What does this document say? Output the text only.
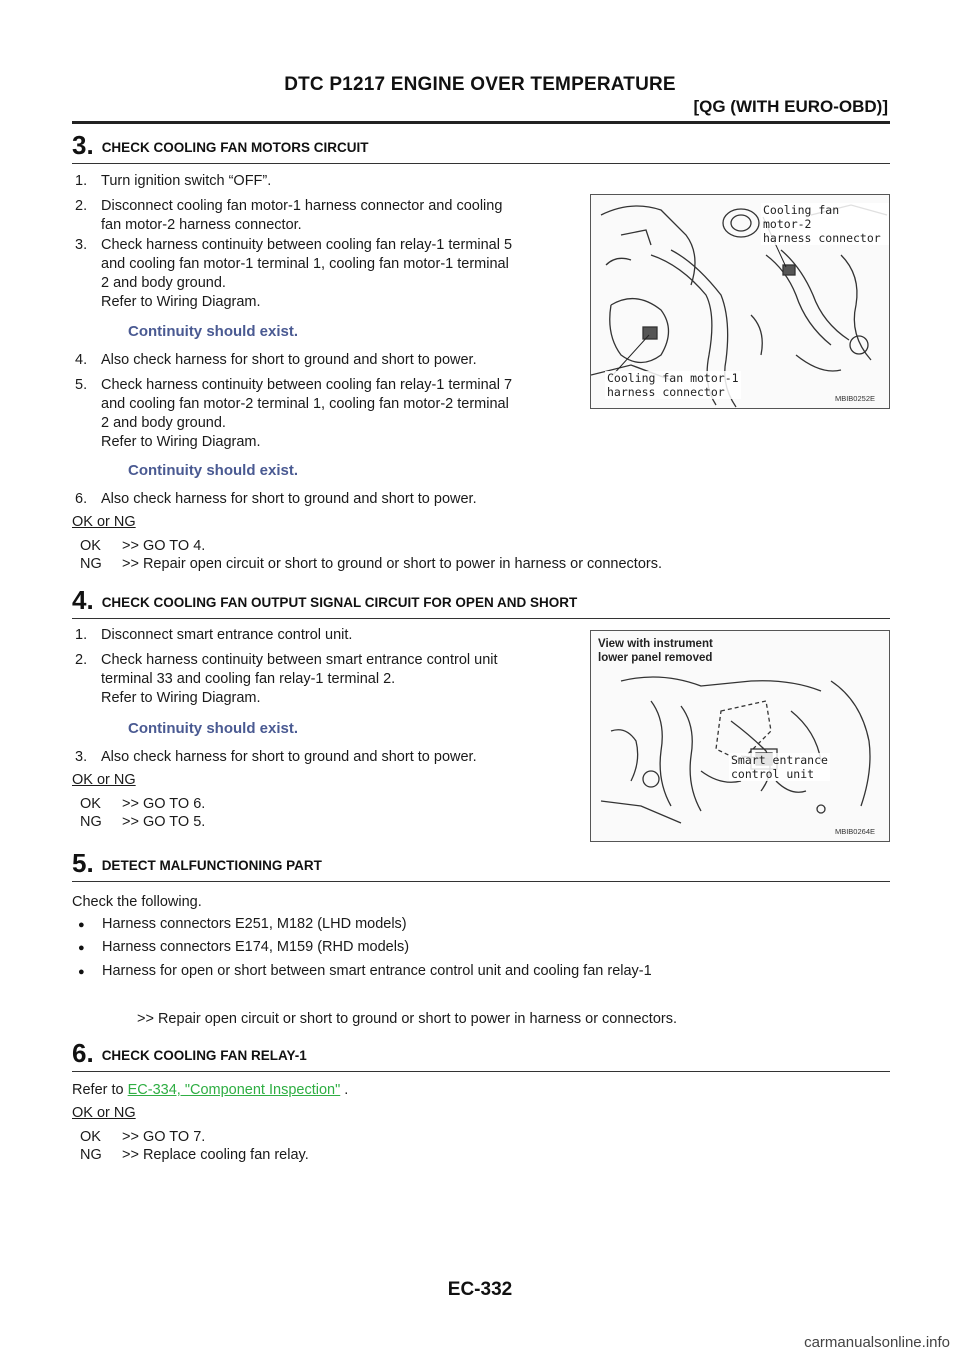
DTC P1217 ENGINE OVER TEMPERATURE
[QG (WITH EURO-OBD)]
3. CHECK COOLING FAN MOTORS CIRCUIT
1. Turn ignition switch “OFF”.
2. Disconnect cooling fan motor-1 harness connector and cooling
fan motor-2 harness connector.
3. Check harness continuity between cooling fan relay-1 terminal 5
and cooling fan motor-1 terminal 1, cooling fan motor-1 terminal
2 and body ground.
Refer to Wiring Diagram.
Continuity should exist.
4. Also check harness for short to ground and short to power.
5. Check harness continuity between cooling fan relay-1 terminal 7
and cooling fan motor-2 terminal 1, cooling fan motor-2 terminal
2 and body ground.
Refer to Wiring Diagram.
Continuity should exist.
6. Also check harness for short to ground and short to power.
OK or NG
OK >> GO TO 4.
NG >> Repair open circuit or short to ground or short to power in harness or connectors.
Cooling fan motor-2
harness connector
Cooling fan motor-1
harness connector	MBIB0252E
4. CHECK COOLING FAN OUTPUT SIGNAL CIRCUIT FOR OPEN AND SHORT
1. Disconnect smart entrance control unit.
2. Check harness continuity between smart entrance control unit
terminal 33 and cooling fan relay-1 terminal 2.
Refer to Wiring Diagram.
Continuity should exist.
3. Also check harness for short to ground and short to power.
OK or NG
OK >> GO TO 6.
NG >> GO TO 5.
View with instrument
lower panel removed
Smart entrance
control unit
MBIB0264E
5. DETECT MALFUNCTIONING PART
Check the following.
● Harness connectors E251, M182 (LHD models)
● Harness connectors E174, M159 (RHD models)
● Harness for open or short between smart entrance control unit and cooling fan relay-1
>> Repair open circuit or short to ground or short to power in harness or connectors.
6. CHECK COOLING FAN RELAY-1
Refer to EC-334, "Component Inspection" .
OK or NG
OK >> GO TO 7.
NG >> Replace cooling fan relay.
EC-332
carmanualsonline.info
